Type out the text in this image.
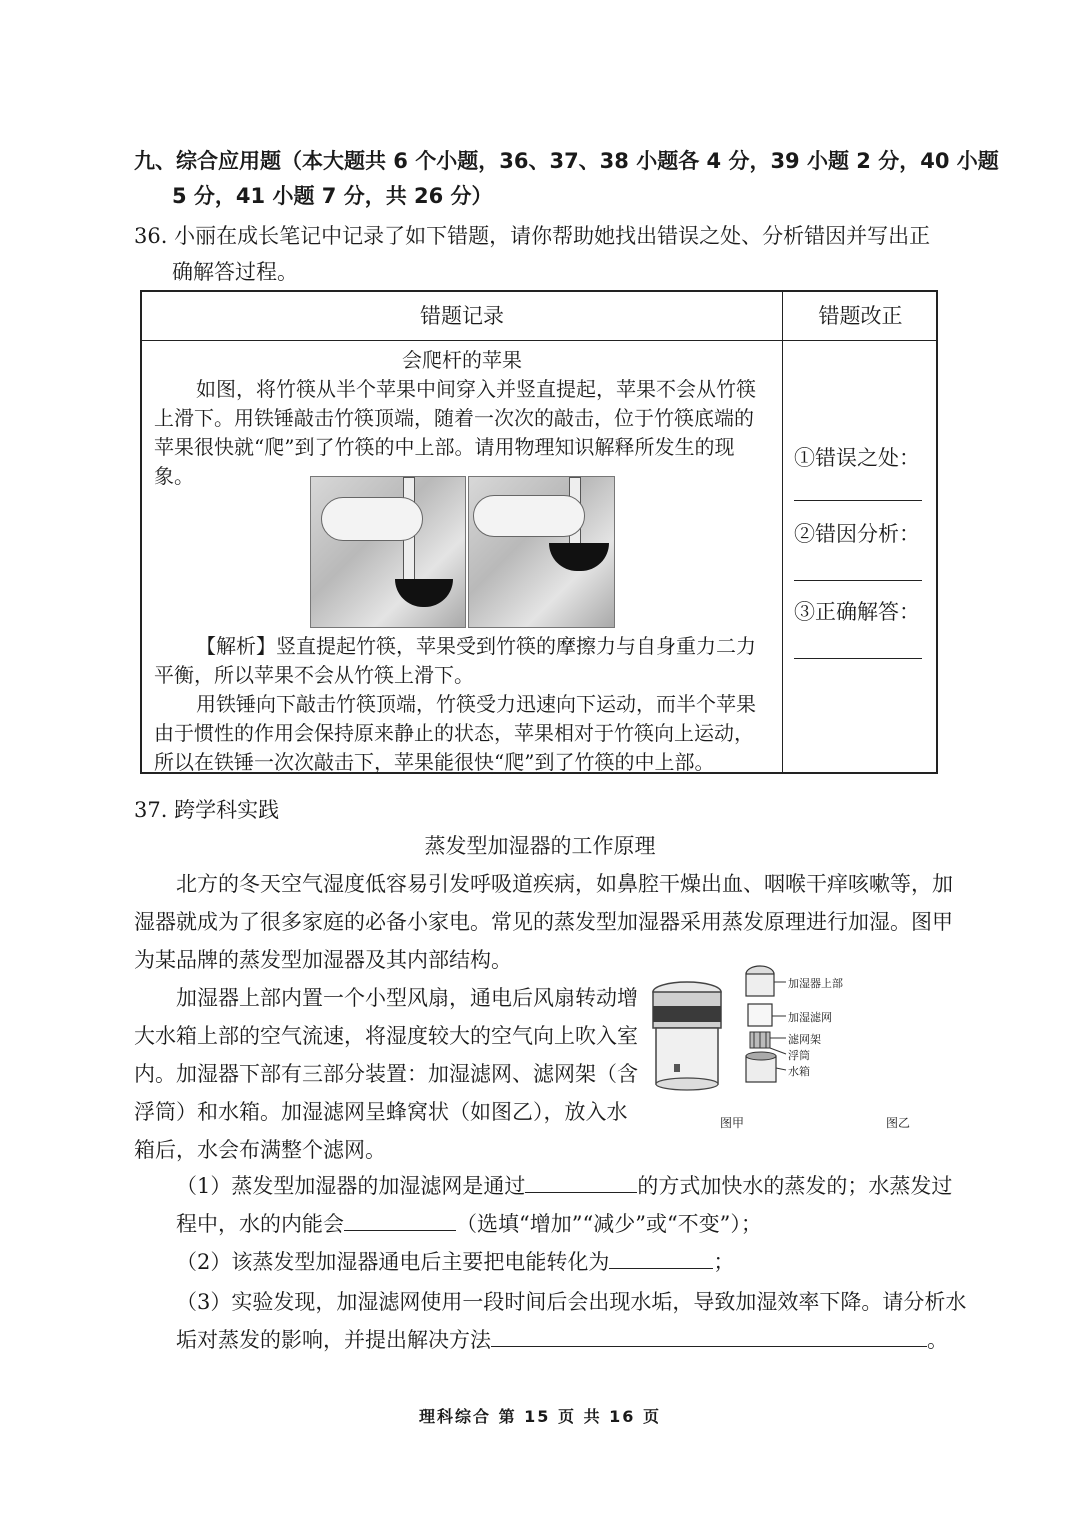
九、综合应用题（本大题共 6 个小题，36、37、38 小题各 4 分，39 小题 2 分，40 小题
5 分，41 小题 7 分，共 26 分）
36. 小丽在成长笔记中记录了如下错题，请你帮助她找出错误之处、分析错因并写出正
确解答过程。
错题记录	错题改正
会爬杆的苹果
如图，将竹筷从半个苹果中间穿入并竖直提起，苹果不会从竹筷
上滑下。用铁锤敲击竹筷顶端，随着一次次的敲击，位于竹筷底端的
苹果很快就“爬”到了竹筷的中上部。请用物理知识解释所发生的现
象。
【解析】竖直提起竹筷，苹果受到竹筷的摩擦力与自身重力二力
平衡，所以苹果不会从竹筷上滑下。
用铁锤向下敲击竹筷顶端，竹筷受力迅速向下运动，而半个苹果
由于惯性的作用会保持原来静止的状态，苹果相对于竹筷向上运动，
所以在铁锤一次次敲击下，苹果能很快“爬”到了竹筷的中上部。
①错误之处：
②错因分析：
③正确解答：
37. 跨学科实践
蒸发型加湿器的工作原理
北方的冬天空气湿度低容易引发呼吸道疾病，如鼻腔干燥出血、咽喉干痒咳嗽等，加
湿器就成为了很多家庭的必备小家电。常见的蒸发型加湿器采用蒸发原理进行加湿。图甲
为某品牌的蒸发型加湿器及其内部结构。
加湿器上部内置一个小型风扇，通电后风扇转动增
大水箱上部的空气流速，将湿度较大的空气向上吹入室
内。加湿器下部有三部分装置：加湿滤网、滤网架（含
浮筒）和水箱。加湿滤网呈蜂窝状（如图乙），放入水
箱后，水会布满整个滤网。
加湿器上部
加湿滤网
滤网架
浮筒
水箱
图甲	图乙
（1）蒸发型加湿器的加湿滤网是通过	的方式加快水的蒸发的；水蒸发过
程中，水的内能会	（选填“增加”“减少”或“不变”）；
（2）该蒸发型加湿器通电后主要把电能转化为	；
（3）实验发现，加湿滤网使用一段时间后会出现水垢，导致加湿效率下降。请分析水
垢对蒸发的影响，并提出解决方法	。
理科综合 第 15 页 共 16 页
